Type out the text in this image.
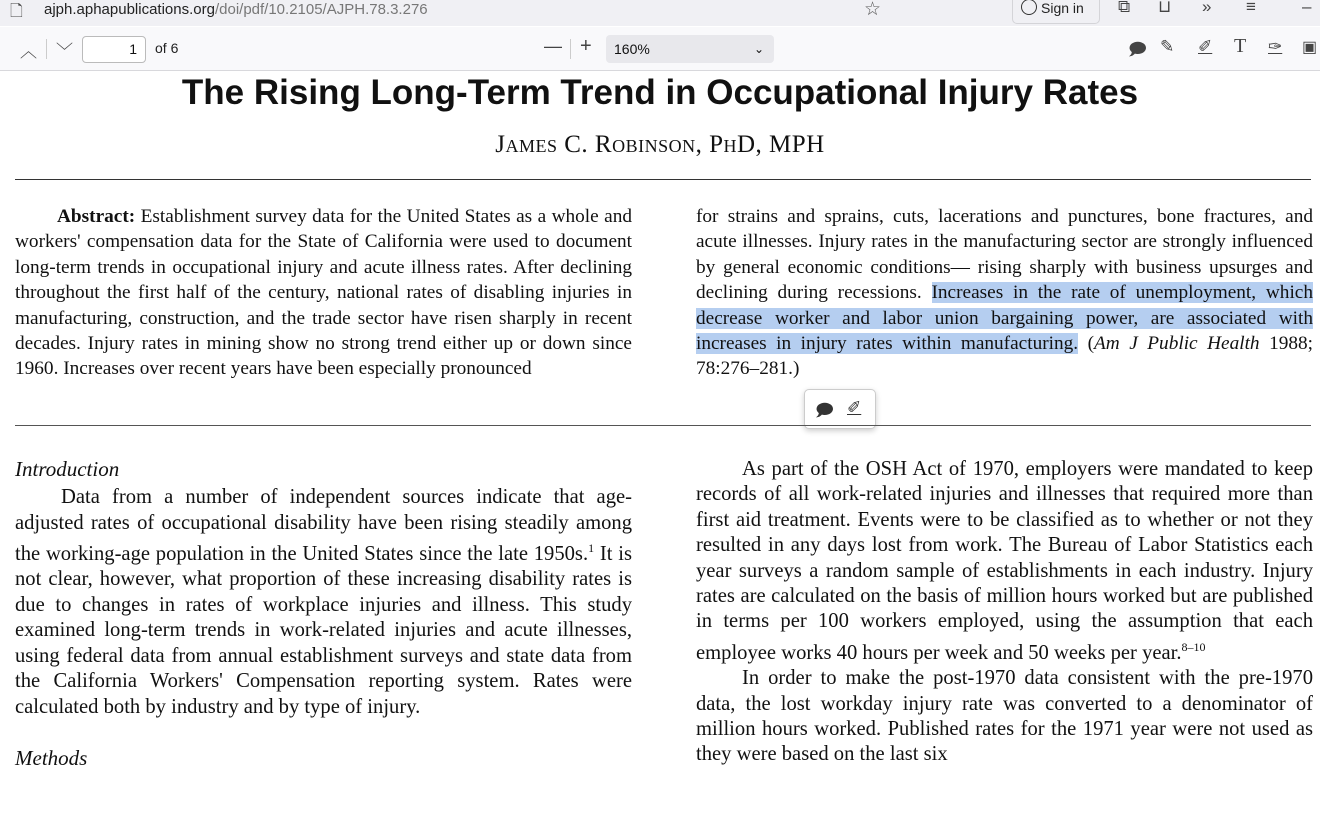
🗋 ajph.aphapublications.org/doi/pdf/10.2105/AJPH.78.3.276	☆	Sign in	⧉ ⊔ » ≡	–
︿ ﹀	1	of 6	— +	160%	⌄	🗩 ✎ ✐ T ✑ ▣
The Rising Long-Term Trend in Occupational Injury Rates
James C. Robinson, PhD, MPH

Abstract: Establishment survey data for the United States as a whole and workers' compensation data for the State of California were used to document long-term trends in occupational injury and acute illness rates. After declining throughout the first half of the century, national rates of disabling injuries in manufacturing, construction, and the trade sector have risen sharply in recent decades. Injury rates in mining show no strong trend either up or down since 1960. Increases over recent years have been especially pronounced

for strains and sprains, cuts, lacerations and punctures, bone fractures, and acute illnesses. Injury rates in the manufacturing sector are strongly influenced by general economic conditions— rising sharply with business upsurges and declining during recessions. Increases in the rate of unemployment, which decrease worker and labor union bargaining power, are associated with increases in injury rates within manufacturing. (Am J Public Health 1988; 78:276–281.)

🗩 ✐

Introduction

Data from a number of independent sources indicate that age-adjusted rates of occupational disability have been rising steadily among the working-age population in the United States since the late 1950s.$^1$ It is not clear, however, what proportion of these increasing disability rates is due to changes in rates of workplace injuries and illness. This study examined long-term trends in work-related injuries and acute illnesses, using federal data from annual establishment surveys and state data from the California Workers' Compensation reporting system. Rates were calculated both by industry and by type of injury.

Methods

As part of the OSH Act of 1970, employers were mandated to keep records of all work-related injuries and illnesses that required more than first aid treatment. Events were to be classified as to whether or not they resulted in any days lost from work. The Bureau of Labor Statistics each year surveys a random sample of establishments in each industry. Injury rates are calculated on the basis of million hours worked but are published in terms per 100 workers employed, using the assumption that each employee works 40 hours per week and 50 weeks per year.$^{8-10}$

In order to make the post-1970 data consistent with the pre-1970 data, the lost workday injury rate was converted to a denominator of million hours worked. Published rates for the 1971 year were not used as they were based on the last six
